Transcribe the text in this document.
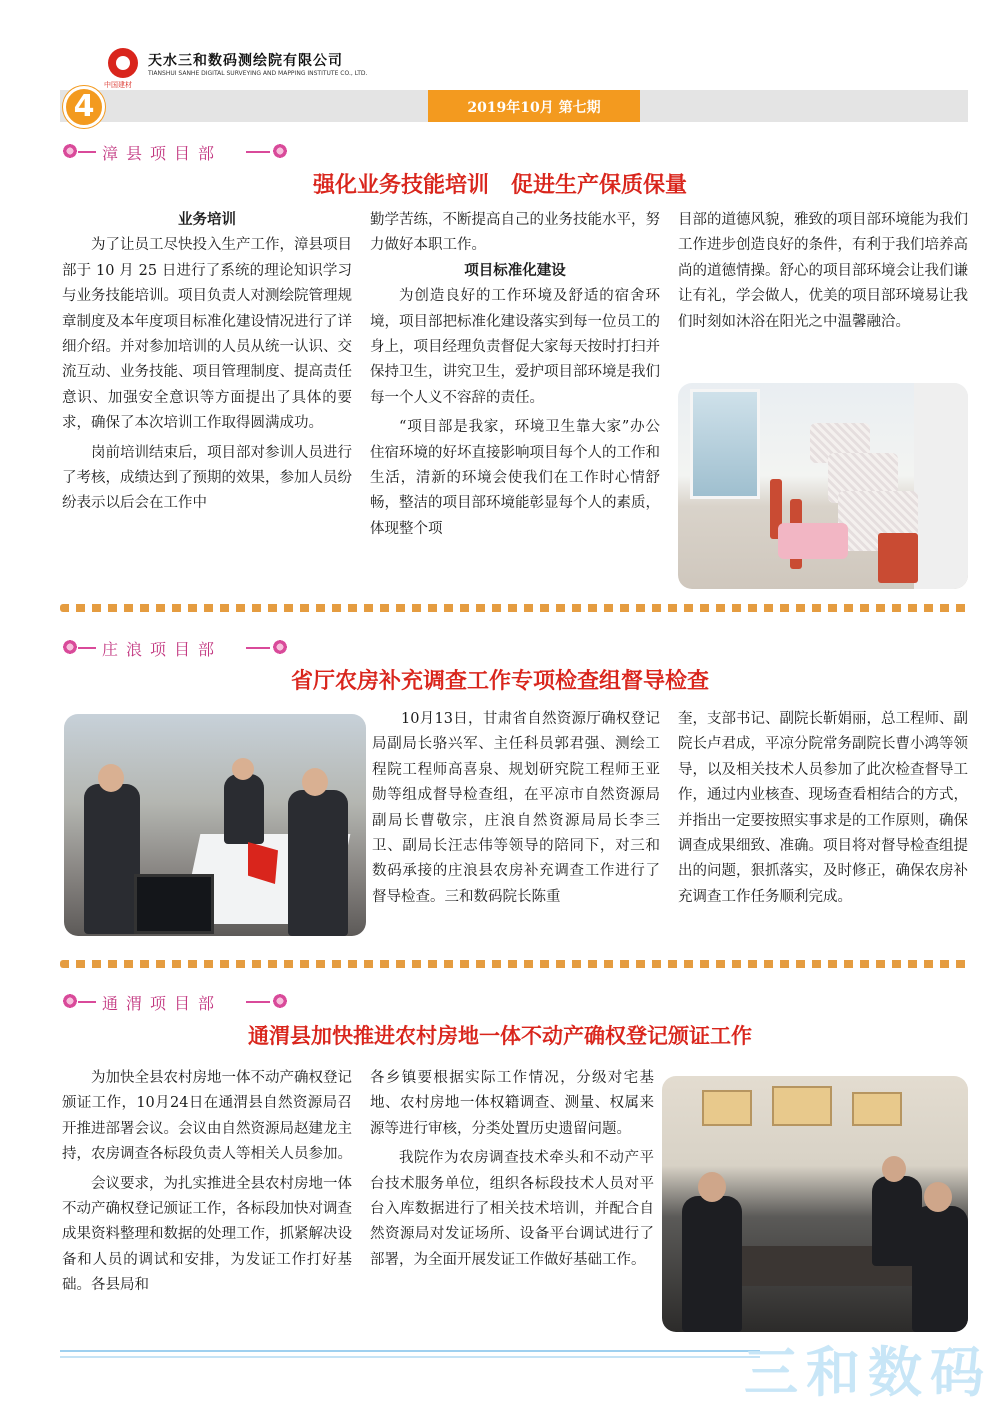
中国建材
天水三和数码测绘院有限公司
TIANSHUI SANHE DIGITAL SURVEYING AND MAPPING INSTITUTE CO., LTD.
2019年10月 第七期
4
漳县项目部
强化业务技能培训　促进生产保质保量
业务培训

为了让员工尽快投入生产工作，漳县项目部于 10 月 25 日进行了系统的理论知识学习与业务技能培训。项目负责人对测绘院管理规章制度及本年度项目标准化建设情况进行了详细介绍。并对参加培训的人员从统一认识、交流互动、业务技能、项目管理制度、提高责任意识、加强安全意识等方面提出了具体的要求，确保了本次培训工作取得圆满成功。

岗前培训结束后，项目部对参训人员进行了考核，成绩达到了预期的效果，参加人员纷纷表示以后会在工作中

勤学苦练，不断提高自己的业务技能水平，努力做好本职工作。

项目标准化建设

为创造良好的工作环境及舒适的宿舍环境，项目部把标准化建设落实到每一位员工的身上，项目经理负责督促大家每天按时打扫并保持卫生，讲究卫生，爱护项目部环境是我们每一个人义不容辞的责任。

“项目部是我家，环境卫生靠大家”办公住宿环境的好坏直接影响项目每个人的工作和生活，清新的环境会使我们在工作时心情舒畅，整洁的项目部环境能彰显每个人的素质，体现整个项

目部的道德风貌，雅致的项目部环境能为我们工作进步创造良好的条件，有利于我们培养高尚的道德情操。舒心的项目部环境会让我们谦让有礼，学会做人，优美的项目部环境易让我们时刻如沐浴在阳光之中温馨融洽。

庄浪项目部
省厅农房补充调查工作专项检查组督导检查

10月13日，甘肃省自然资源厅确权登记局副局长骆兴军、主任科员郭君强、测绘工程院工程师高喜泉、规划研究院工程师王亚勋等组成督导检查组，在平凉市自然资源局副局长曹敬宗，庄浪自然资源局局长李三卫、副局长汪志伟等领导的陪同下，对三和数码承接的庄浪县农房补充调查工作进行了督导检查。三和数码院长陈重

奎，支部书记、副院长靳娟丽，总工程师、副院长卢君成，平凉分院常务副院长曹小鸿等领导，以及相关技术人员参加了此次检查督导工作，通过内业核查、现场查看相结合的方式，并指出一定要按照实事求是的工作原则，确保调查成果细致、准确。项目将对督导检查组提出的问题，狠抓落实，及时修正，确保农房补充调查工作任务顺利完成。

通渭项目部
通渭县加快推进农村房地一体不动产确权登记颁证工作

为加快全县农村房地一体不动产确权登记颁证工作，10月24日在通渭县自然资源局召开推进部署会议。会议由自然资源局赵建龙主持，农房调查各标段负责人等相关人员参加。

会议要求，为扎实推进全县农村房地一体不动产确权登记颁证工作，各标段加快对调查成果资料整理和数据的处理工作，抓紧解决设备和人员的调试和安排，为发证工作打好基础。各县局和

各乡镇要根据实际工作情况，分级对宅基地、农村房地一体权籍调查、测量、权属来源等进行审核，分类处置历史遗留问题。

我院作为农房调查技术牵头和不动产平台技术服务单位，组织各标段技术人员对平台入库数据进行了相关技术培训，并配合自然资源局对发证场所、设备平台调试进行了部署，为全面开展发证工作做好基础工作。

三和数码
